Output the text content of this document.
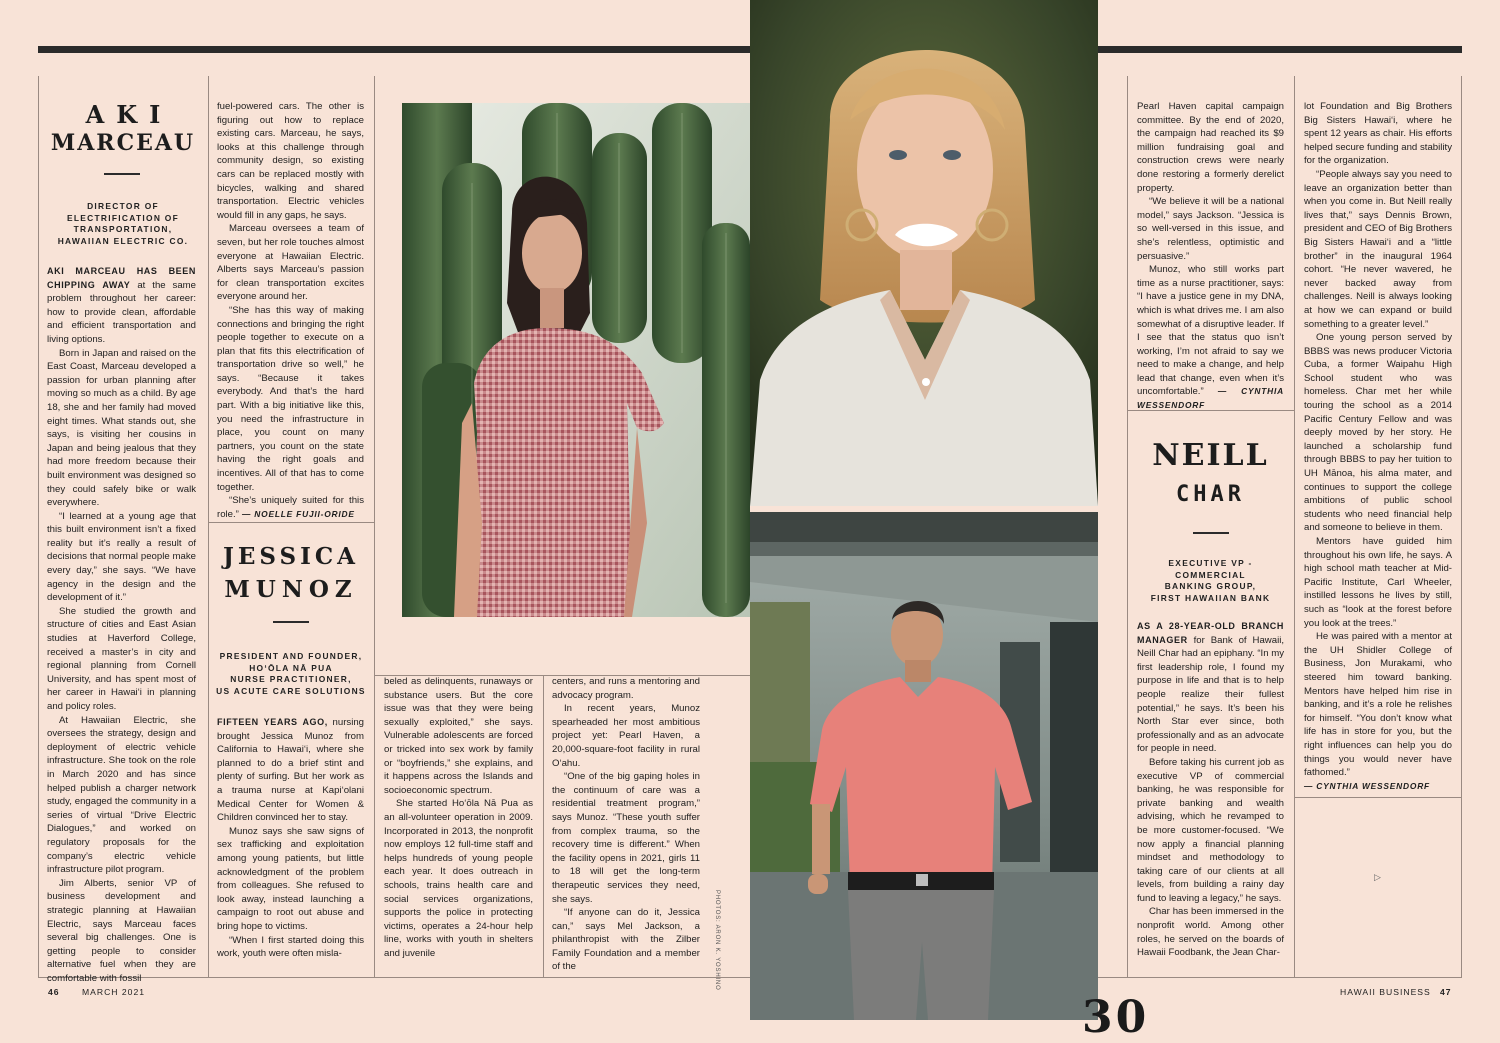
AKI
MARCEAU
DIRECTOR OF
ELECTRIFICATION OF
TRANSPORTATION,
HAWAIIAN ELECTRIC CO.

AKI MARCEAU HAS BEEN CHIPPING AWAY at the same problem throughout her career: how to provide clean, affordable and efficient transportation and living options.

Born in Japan and raised on the East Coast, Marceau developed a passion for urban planning after moving so much as a child. By age 18, she and her family had moved eight times. What stands out, she says, is visiting her cousins in Japan and being jealous that they had more freedom because their built environment was designed so they could safely bike or walk everywhere.

“I learned at a young age that this built environment isn’t a fixed reality but it’s really a result of decisions that normal people make every day,” she says. “We have agency in the design and the development of it.”

She studied the growth and structure of cities and East Asian studies at Haverford College, received a master’s in city and regional planning from Cornell University, and has spent most of her career in Hawai‘i in planning and policy roles.

At Hawaiian Electric, she oversees the strategy, design and deployment of electric vehicle infrastructure. She took on the role in March 2020 and has since helped publish a charger network study, engaged the community in a series of virtual “Drive Electric Dialogues,” and worked on regulatory proposals for the company’s electric vehicle infrastructure pilot program.

Jim Alberts, senior VP of business development and strategic planning at Hawaiian Electric, says Marceau faces several big challenges. One is getting people to consider alternative fuel when they are comfortable with fossil

fuel-powered cars. The other is figuring out how to replace existing cars. Marceau, he says, looks at this challenge through community design, so existing cars can be replaced mostly with bicycles, walking and shared transportation. Electric vehicles would fill in any gaps, he says.

Marceau oversees a team of seven, but her role touches almost everyone at Hawaiian Electric. Alberts says Marceau’s passion for clean transportation excites everyone around her.

“She has this way of making connections and bringing the right people together to execute on a plan that fits this electrification of transportation drive so well,” he says. “Because it takes everybody. And that’s the hard part. With a big initiative like this, you need the infrastructure in place, you count on many partners, you count on the state having the right goals and incentives. All of that has to come together.

“She’s uniquely suited for this role.” — NOELLE FUJII-ORIDE

JESSICA
MUNOZ
PRESIDENT AND FOUNDER,
HO‘ŌLA NĀ PUA
NURSE PRACTITIONER,
US ACUTE CARE SOLUTIONS

FIFTEEN YEARS AGO, nursing brought Jessica Munoz from California to Hawai‘i, where she planned to do a brief stint and plenty of surfing. But her work as a trauma nurse at Kapi‘olani Medical Center for Women & Children convinced her to stay.

Munoz says she saw signs of sex trafficking and exploitation among young patients, but little acknowledgment of the problem from colleagues. She refused to look away, instead launching a campaign to root out abuse and bring hope to victims.

“When I first started doing this work, youth were often misla-

beled as delinquents, runaways or substance users. But the core issue was that they were being sexually exploited,” she says. Vulnerable adolescents are forced or tricked into sex work by family or “boyfriends,” she explains, and it happens across the Islands and socioeconomic spectrum.

She started Ho‘ōla Nā Pua as an all-volunteer operation in 2009. Incorporated in 2013, the nonprofit now employs 12 full-time staff and helps hundreds of young people each year. It does outreach in schools, trains health care and social services organizations, supports the police in protecting victims, operates a 24-hour help line, works with youth in shelters and juvenile

centers, and runs a mentoring and advocacy program.

In recent years, Munoz spearheaded her most ambitious project yet: Pearl Haven, a 20,000-square-foot facility in rural O‘ahu.

“One of the big gaping holes in the continuum of care was a residential treatment program,” says Munoz. “These youth suffer from complex trauma, so the recovery time is different.” When the facility opens in 2021, girls 11 to 18 will get the long-term therapeutic services they need, she says.

“If anyone can do it, Jessica can,” says Mel Jackson, a philanthropist with the Zilber Family Foundation and a member of the	PHOTOS: ARON K. YOSHINO

Pearl Haven capital campaign committee. By the end of 2020, the campaign had reached its $9 million fundraising goal and construction crews were nearly done restoring a formerly derelict property.

“We believe it will be a national model,” says Jackson. “Jessica is so well-versed in this issue, and she’s relentless, optimistic and persuasive.”

Munoz, who still works part time as a nurse practitioner, says: “I have a justice gene in my DNA, which is what drives me. I am also somewhat of a disruptive leader. If I see that the status quo isn’t working, I’m not afraid to say we need to make a change, and help lead that change, even when it’s uncomfortable.” — CYNTHIA WESSENDORF

NEILL
CHAR
EXECUTIVE VP -
COMMERCIAL
BANKING GROUP,
FIRST HAWAIIAN BANK

AS A 28-YEAR-OLD BRANCH MANAGER for Bank of Hawaii, Neill Char had an epiphany. “In my first leadership role, I found my purpose in life and that is to help people realize their fullest potential,” he says. It’s been his North Star ever since, both professionally and as an advocate for people in need.

Before taking his current job as executive VP of commercial banking, he was responsible for private banking and wealth advising, which he revamped to be more customer-focused. “We now apply a financial planning mindset and methodology to taking care of our clients at all levels, from building a rainy day fund to leaving a legacy,” he says.

Char has been immersed in the nonprofit world. Among other roles, he served on the boards of Hawaii Foodbank, the Jean Char-

lot Foundation and Big Brothers Big Sisters Hawai‘i, where he spent 12 years as chair. His efforts helped secure funding and stability for the organization.

“People always say you need to leave an organization better than when you come in. But Neill really lives that,” says Dennis Brown, president and CEO of Big Brothers Big Sisters Hawai‘i and a “little brother” in the inaugural 1964 cohort. “He never wavered, he never backed away from challenges. Neill is always looking at how we can expand or build something to a greater level.”

One young person served by BBBS was news producer Victoria Cuba, a former Waipahu High School student who was homeless. Char met her while touring the school as a 2014 Pacific Century Fellow and was deeply moved by her story. He launched a scholarship fund through BBBS to pay her tuition to UH Mānoa, his alma mater, and continues to support the college ambitions of public school students who need financial help and someone to believe in them.

Mentors have guided him throughout his own life, he says. A high school math teacher at Mid-Pacific Institute, Carl Wheeler, instilled lessons he lives by still, such as “look at the forest before you look at the trees.”

He was paired with a mentor at the UH Shidler College of Business, Jon Murakami, who steered him toward banking. Mentors have helped him rise in banking, and it’s a role he relishes for himself. “You don’t know what life has in store for you, but the right influences can help you do things you would never have fathomed.”

— CYNTHIA WESSENDORF

▷
30
46	MARCH 2021	HAWAII BUSINESS 47
